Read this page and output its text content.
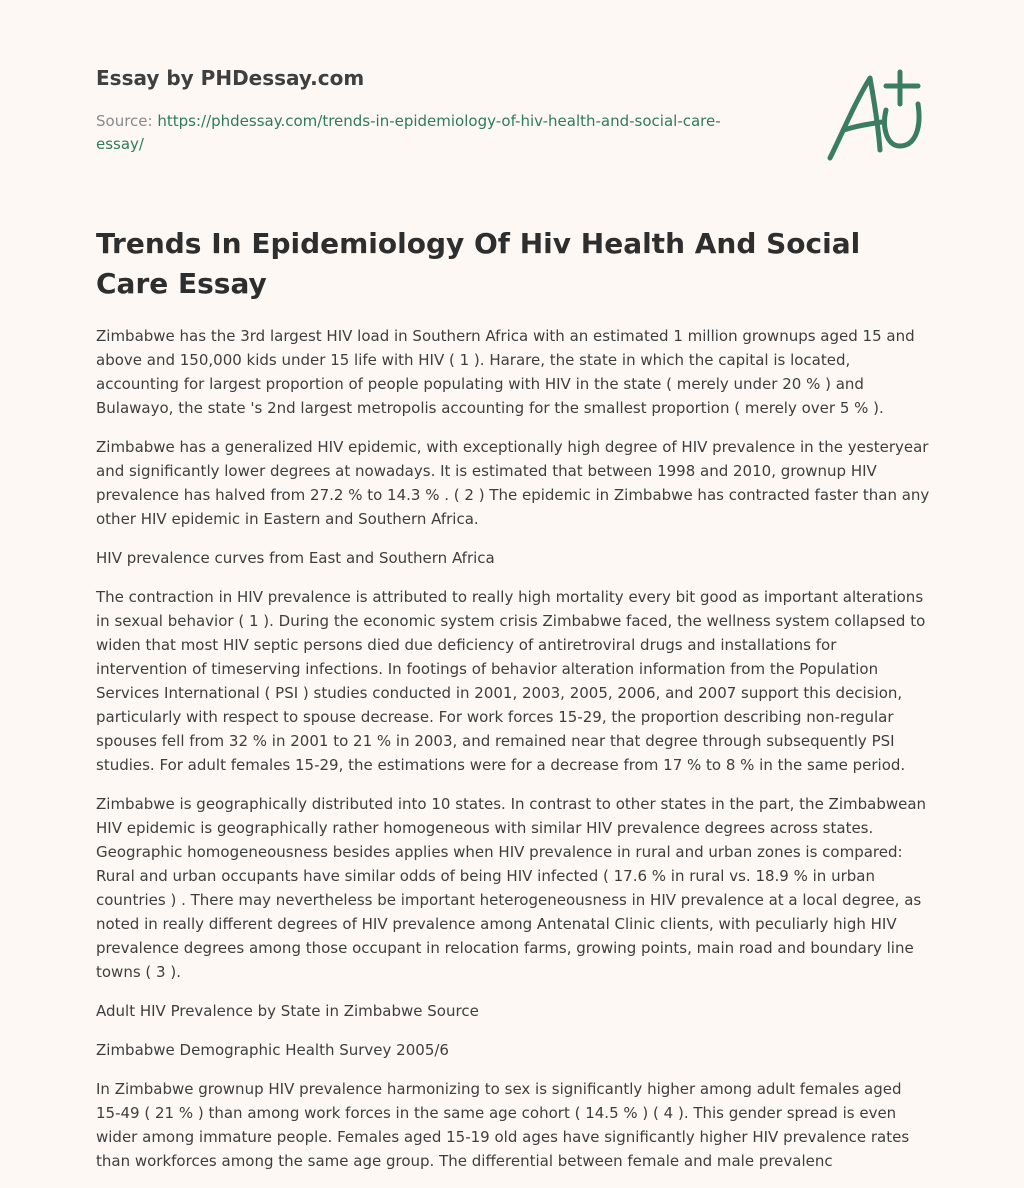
Essay by PHDessay.com
Source: https://phdessay.com/trends-in-epidemiology-of-hiv-health-and-social-care-essay/
Trends In Epidemiology Of Hiv Health And Social Care Essay

Zimbabwe has the 3rd largest HIV load in Southern Africa with an estimated 1 million grownups aged 15 and above and 150,000 kids under 15 life with HIV ( 1 ). Harare, the state in which the capital is located, accounting for largest proportion of people populating with HIV in the state ( merely under 20 % ) and Bulawayo, the state 's 2nd largest metropolis accounting for the smallest proportion ( merely over 5 % ).

Zimbabwe has a generalized HIV epidemic, with exceptionally high degree of HIV prevalence in the yesteryear and significantly lower degrees at nowadays. It is estimated that between 1998 and 2010, grownup HIV prevalence has halved from 27.2 % to 14.3 % . ( 2 ) The epidemic in Zimbabwe has contracted faster than any other HIV epidemic in Eastern and Southern Africa.

HIV prevalence curves from East and Southern Africa

The contraction in HIV prevalence is attributed to really high mortality every bit good as important alterations in sexual behavior ( 1 ). During the economic system crisis Zimbabwe faced, the wellness system collapsed to widen that most HIV septic persons died due deficiency of antiretroviral drugs and installations for intervention of timeserving infections. In footings of behavior alteration information from the Population Services International ( PSI ) studies conducted in 2001, 2003, 2005, 2006, and 2007 support this decision, particularly with respect to spouse decrease. For work forces 15-29, the proportion describing non-regular spouses fell from 32 % in 2001 to 21 % in 2003, and remained near that degree through subsequently PSI studies. For adult females 15-29, the estimations were for a decrease from 17 % to 8 % in the same period.

Zimbabwe is geographically distributed into 10 states. In contrast to other states in the part, the Zimbabwean HIV epidemic is geographically rather homogeneous with similar HIV prevalence degrees across states. Geographic homogeneousness besides applies when HIV prevalence in rural and urban zones is compared: Rural and urban occupants have similar odds of being HIV infected ( 17.6 % in rural vs. 18.9 % in urban countries ) . There may nevertheless be important heterogeneousness in HIV prevalence at a local degree, as noted in really different degrees of HIV prevalence among Antenatal Clinic clients, with peculiarly high HIV prevalence degrees among those occupant in relocation farms, growing points, main road and boundary line towns ( 3 ).

Adult HIV Prevalence by State in Zimbabwe Source

Zimbabwe Demographic Health Survey 2005/6

In Zimbabwe grownup HIV prevalence harmonizing to sex is significantly higher among adult females aged 15-49 ( 21 % ) than among work forces in the same age cohort ( 14.5 % ) ( 4 ). This gender spread is even wider among immature people. Females aged 15-19 old ages have significantly higher HIV prevalence rates than workforces among the same age group. The differential between female and male prevalenc
